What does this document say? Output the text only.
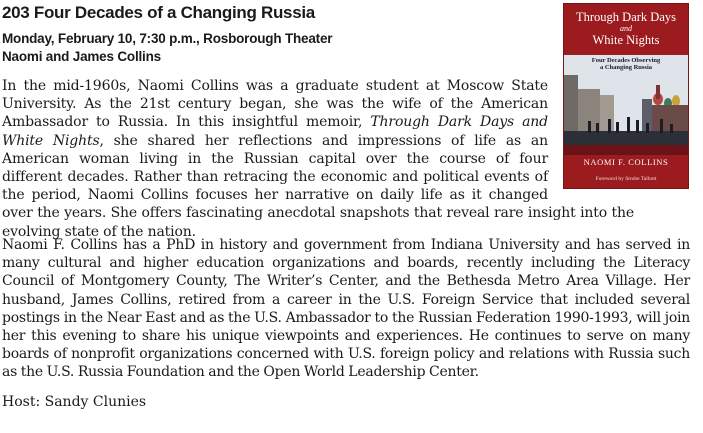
203 Four Decades of a Changing Russia
Monday, February 10, 7:30 p.m., Rosborough Theater
Naomi and James Collins
Through Dark Days
and
White Nights
Four Decades Observing
a Changing Russia
NAOMI F. COLLINS
Foreword by Strobe Talbott

In the mid-1960s, Naomi Collins was a graduate student at Moscow State University. As the 21st century began, she was the wife of the American Ambassador to Russia. In this insightful memoir, Through Dark Days and White Nights, she shared her reflections and impressions of life as an American woman living in the Russian capital over the course of four different decades. Rather than retracing the economic and political events of the period, Naomi Collins focuses her narrative on daily life as it changed over the years. She offers fascinating anecdotal snapshots that reveal rare insight into the evolving state of the nation.

Naomi F. Collins has a PhD in history and government from Indiana University and has served in many cultural and higher education organizations and boards, recently including the Literacy Council of Montgomery County, The Writer’s Center, and the Bethesda Metro Area Village. Her husband, James Collins, retired from a career in the U.S. Foreign Service that included several postings in the Near East and as the U.S. Ambassador to the Russian Federation 1990-1993, will join her this evening to share his unique viewpoints and experiences. He continues to serve on many boards of nonprofit organizations concerned with U.S. foreign policy and relations with Russia such as the U.S. Russia Foundation and the Open World Leadership Center.

Host: Sandy Clunies
